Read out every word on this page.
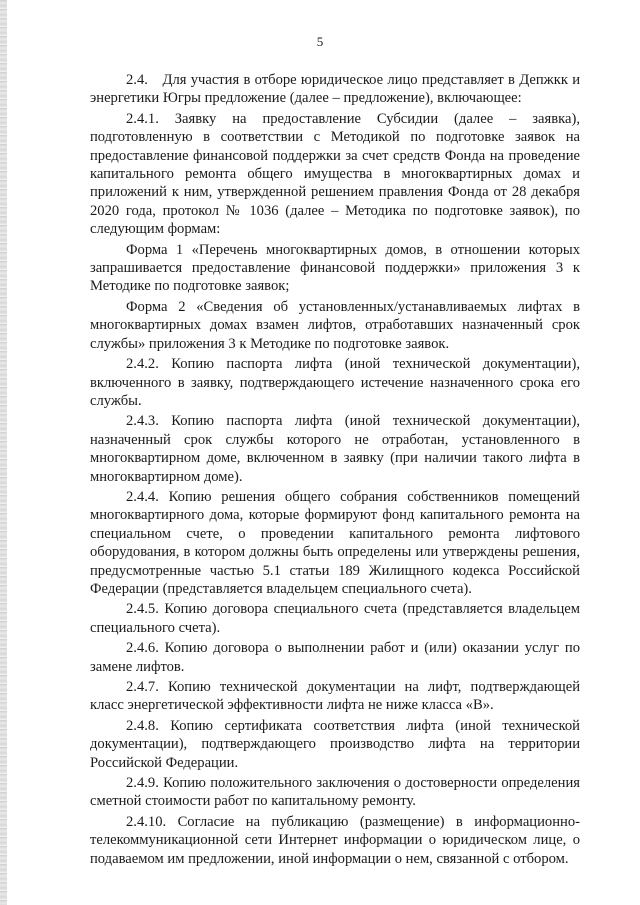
5

2.4. Для участия в отборе юридическое лицо представляет в Депжкк и энергетики Югры предложение (далее – предложение), включающее:

2.4.1. Заявку на предоставление Субсидии (далее – заявка), подготовленную в соответствии с Методикой по подготовке заявок на предоставление финансовой поддержки за счет средств Фонда на проведение капитального ремонта общего имущества в многоквартирных домах и приложений к ним, утвержденной решением правления Фонда от 28 декабря 2020 года, протокол № 1036 (далее – Методика по подготовке заявок), по следующим формам:

Форма 1 «Перечень многоквартирных домов, в отношении которых запрашивается предоставление финансовой поддержки» приложения 3 к Методике по подготовке заявок;

Форма 2 «Сведения об установленных/устанавливаемых лифтах в многоквартирных домах взамен лифтов, отработавших назначенный срок службы» приложения 3 к Методике по подготовке заявок.

2.4.2. Копию паспорта лифта (иной технической документации), включенного в заявку, подтверждающего истечение назначенного срока его службы.

2.4.3. Копию паспорта лифта (иной технической документации), назначенный срок службы которого не отработан, установленного в многоквартирном доме, включенном в заявку (при наличии такого лифта в многоквартирном доме).

2.4.4. Копию решения общего собрания собственников помещений многоквартирного дома, которые формируют фонд капитального ремонта на специальном счете, о проведении капитального ремонта лифтового оборудования, в котором должны быть определены или утверждены решения, предусмотренные частью 5.1 статьи 189 Жилищного кодекса Российской Федерации (представляется владельцем специального счета).

2.4.5. Копию договора специального счета (представляется владельцем специального счета).

2.4.6. Копию договора о выполнении работ и (или) оказании услуг по замене лифтов.

2.4.7. Копию технической документации на лифт, подтверждающей класс энергетической эффективности лифта не ниже класса «В».

2.4.8. Копию сертификата соответствия лифта (иной технической документации), подтверждающего производство лифта на территории Российской Федерации.

2.4.9. Копию положительного заключения о достоверности определения сметной стоимости работ по капитальному ремонту.

2.4.10. Согласие на публикацию (размещение) в информационно-телекоммуникационной сети Интернет информации о юридическом лице, о подаваемом им предложении, иной информации о нем, связанной с отбором.
